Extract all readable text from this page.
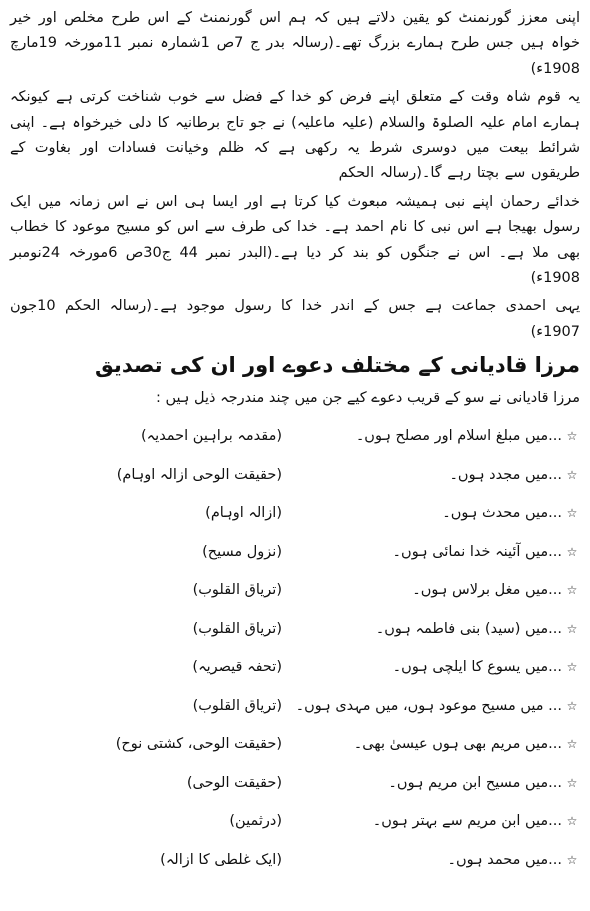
اپنی معزز گورنمنٹ کو یقین دلاتے ہیں کہ ہم اس گورنمنٹ کے اس طرح مخلص اور خیر خواہ ہیں جس طرح ہمارے بزرگ تھے۔(رسالہ بدر ج 7ص 1شمارہ نمبر 11مورخہ 19مارچ 1908ء)

یہ قوم شاہ وقت کے متعلق اپنے فرض کو خدا کے فضل سے خوب شناخت کرتی ہے کیونکہ ہمارے امام علیہ الصلوۃ والسلام (علیہ ماعلیہ) نے جو تاج برطانیہ کا دلی خیرخواہ ہے۔ اپنی شرائط بیعت میں دوسری شرط یہ رکھی ہے کہ ظلم وخیانت فسادات اور بغاوت کے طریقوں سے بچتا رہے گا۔(رسالہ الحکم

خدائے رحمان اپنے نبی ہمیشہ مبعوث کیا کرتا ہے اور ایسا ہی اس نے اس زمانہ میں ایک رسول بھیجا ہے اس نبی کا نام احمد ہے۔ خدا کی طرف سے اس کو مسیح موعود کا خطاب بھی ملا ہے۔ اس نے جنگوں کو بند کر دیا ہے۔(البدر نمبر 44 ج30ص 6مورخہ 24نومبر 1908ء)

یہی احمدی جماعت ہے جس کے اندر خدا کا رسول موجود ہے۔(رسالہ الحکم 10جون 1907ء)

مرزا قادیانی کے مختلف دعوے اور ان کی تصدیق

مرزا قادیانی نے سو کے قریب دعوے کیے جن میں چند مندرجہ ذیل ہیں :

☆
...میں مبلغ اسلام اور مصلح ہوں۔
(مقدمہ براہین احمدیہ)
☆
...میں مجدد ہوں۔
(حقیقت الوحی ازالہ اوہام)
☆
...میں محدث ہوں۔
(ازالہ اوہام)
☆
...میں آئینہ خدا نمائی ہوں۔
(نزول مسیح)
☆
...میں مغل برلاس ہوں۔
(تریاق القلوب)
☆
...میں (سید) بنی فاطمہ ہوں۔
(تریاق القلوب)
☆
...میں یسوع کا ایلچی ہوں۔
(تحفہ قیصریہ)
☆
... میں مسیح موعود ہوں، میں مہدی ہوں۔
(تریاق القلوب)
☆
...میں مریم بھی ہوں عیسیٰ بھی۔
(حقیقت الوحی، کشتی نوح)
☆
...میں مسیح ابن مریم ہوں۔
(حقیقت الوحی)
☆
...میں ابن مریم سے بہتر ہوں۔
(درثمین)
☆
...میں محمد ہوں۔
(ایک غلطی کا ازالہ)
